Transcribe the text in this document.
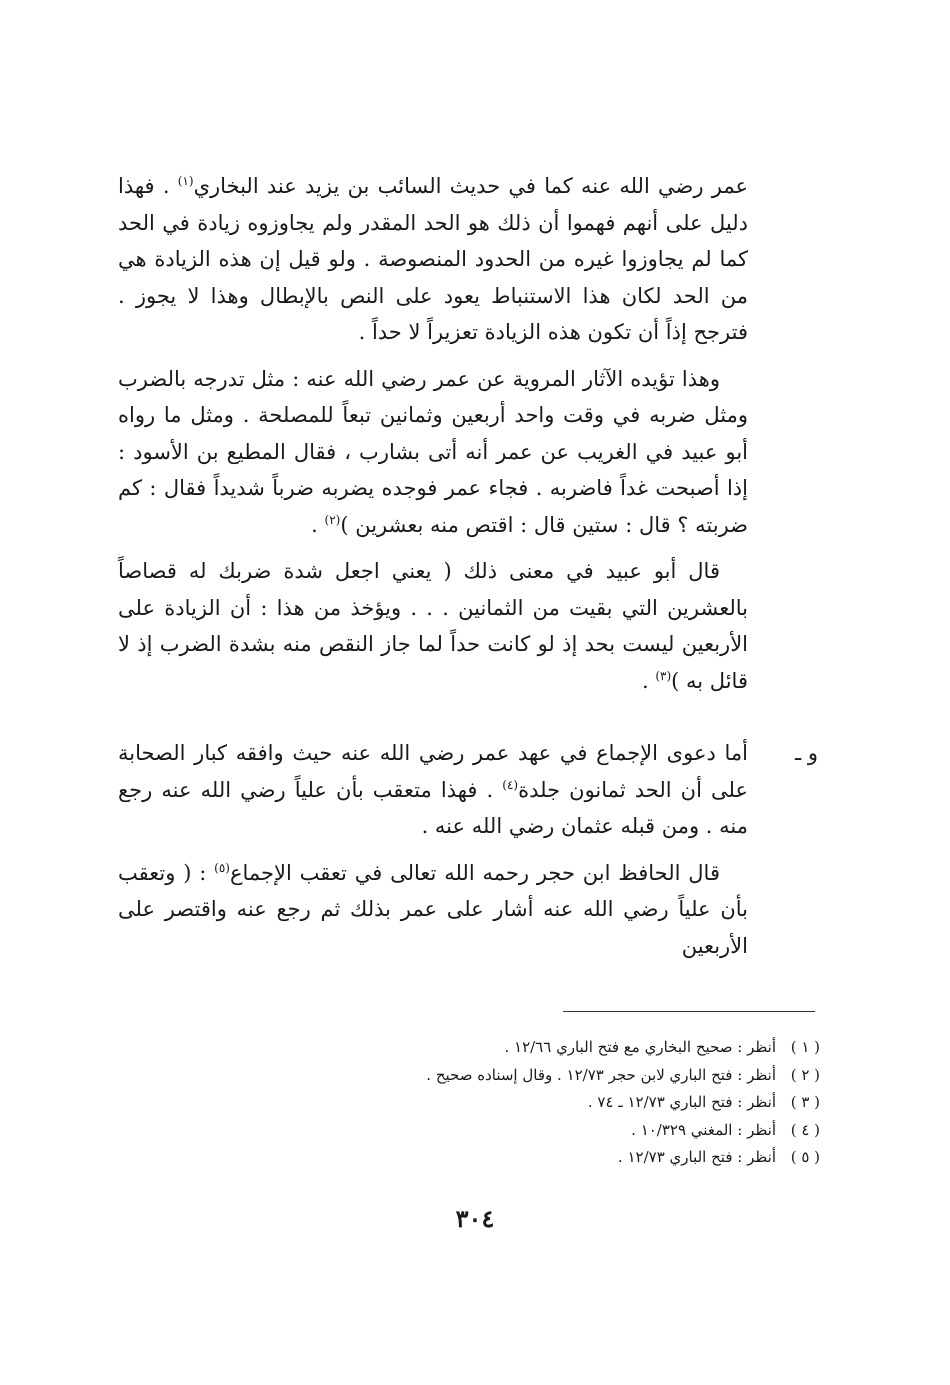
عمر رضي الله عنه كما في حديث السائب بن يزيد عند البخاري$^{(١)}$ . فهذا دليل على أنهم فهموا أن ذلك هو الحد المقدر ولم يجاوزوه زيادة في الحد كما لم يجاوزوا غيره من الحدود المنصوصة . ولو قيل إن هذه الزيادة هي من الحد لكان هذا الاستنباط يعود على النص بالإبطال وهذا لا يجوز . فترجح إذاً أن تكون هذه الزيادة تعزيراً لا حداً .

وهذا تؤيده الآثار المروية عن عمر رضي الله عنه : مثل تدرجه بالضرب ومثل ضربه في وقت واحد أربعين وثمانين تبعاً للمصلحة . ومثل ما رواه أبو عبيد في الغريب عن عمر أنه أتى بشارب ، فقال المطيع بن الأسود : إذا أصبحت غداً فاضربه . فجاء عمر فوجده يضربه ضرباً شديداً فقال : كم ضربته ؟ قال : ستين قال : اقتص منه بعشرين )$^{(٢)}$ .

قال أبو عبيد في معنى ذلك ( يعني اجعل شدة ضربك له قصاصاً بالعشرين التي بقيت من الثمانين . . . ويؤخذ من هذا : أن الزيادة على الأربعين ليست بحد إذ لو كانت حداً لما جاز النقص منه بشدة الضرب إذ لا قائل به )$^{(٣)}$ .

و ـ

أما دعوى الإجماع في عهد عمر رضي الله عنه حيث وافقه كبار الصحابة على أن الحد ثمانون جلدة$^{(٤)}$ . فهذا متعقب بأن علياً رضي الله عنه رجع منه . ومن قبله عثمان رضي الله عنه .

قال الحافظ ابن حجر رحمه الله تعالى في تعقب الإجماع$^{(٥)}$ : ( وتعقب بأن علياً رضي الله عنه أشار على عمر بذلك ثم رجع عنه واقتصر على الأربعين

( ١ )أنظر : صحيح البخاري مع فتح الباري ١٢/٦٦ .
( ٢ )أنظر : فتح الباري لابن حجر ١٢/٧٣ . وقال إسناده صحيح .
( ٣ )أنظر : فتح الباري ١٢/٧٣ ـ ٧٤ .
( ٤ )أنظر : المغني ١٠/٣٢٩ .
( ٥ )أنظر : فتح الباري ١٢/٧٣ .
٣٠٤
